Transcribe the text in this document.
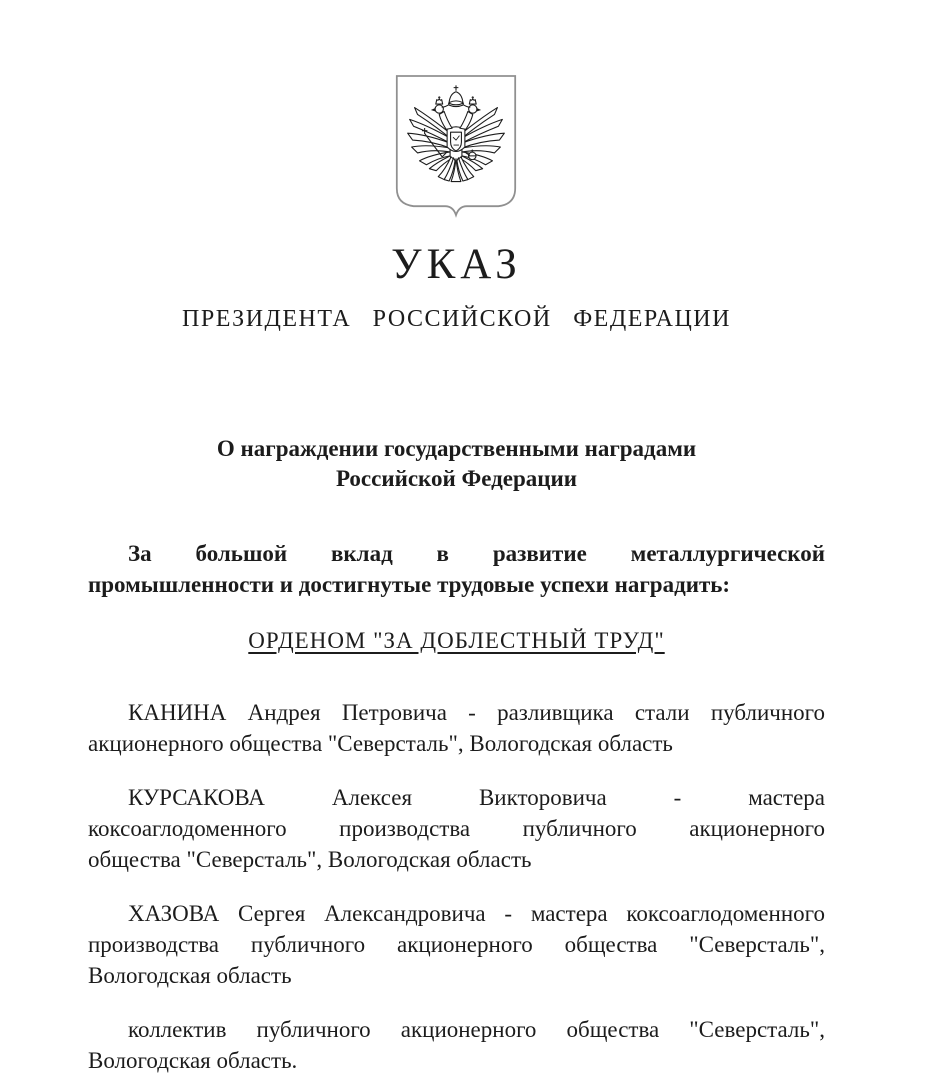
УКАЗ
ПРЕЗИДЕНТА РОССИЙСКОЙ ФЕДЕРАЦИИ
О награждении государственными наградами
Российской Федерации
За большой вклад в развитие металлургической
промышленности и достигнутые трудовые успехи наградить:
ОРДЕНОМ "ЗА ДОБЛЕСТНЫЙ ТРУД"

КАНИНА Андрея Петровича - разливщика стали публичного
акционерного общества "Северсталь", Вологодская область

КУРСАКОВА Алексея Викторовича - мастера
коксоаглодоменного производства публичного акционерного
общества "Северсталь", Вологодская область

ХАЗОВА Сергея Александровича - мастера коксоаглодоменного
производства публичного акционерного общества "Северсталь",
Вологодская область

коллектив публичного акционерного общества "Северсталь",
Вологодская область.
